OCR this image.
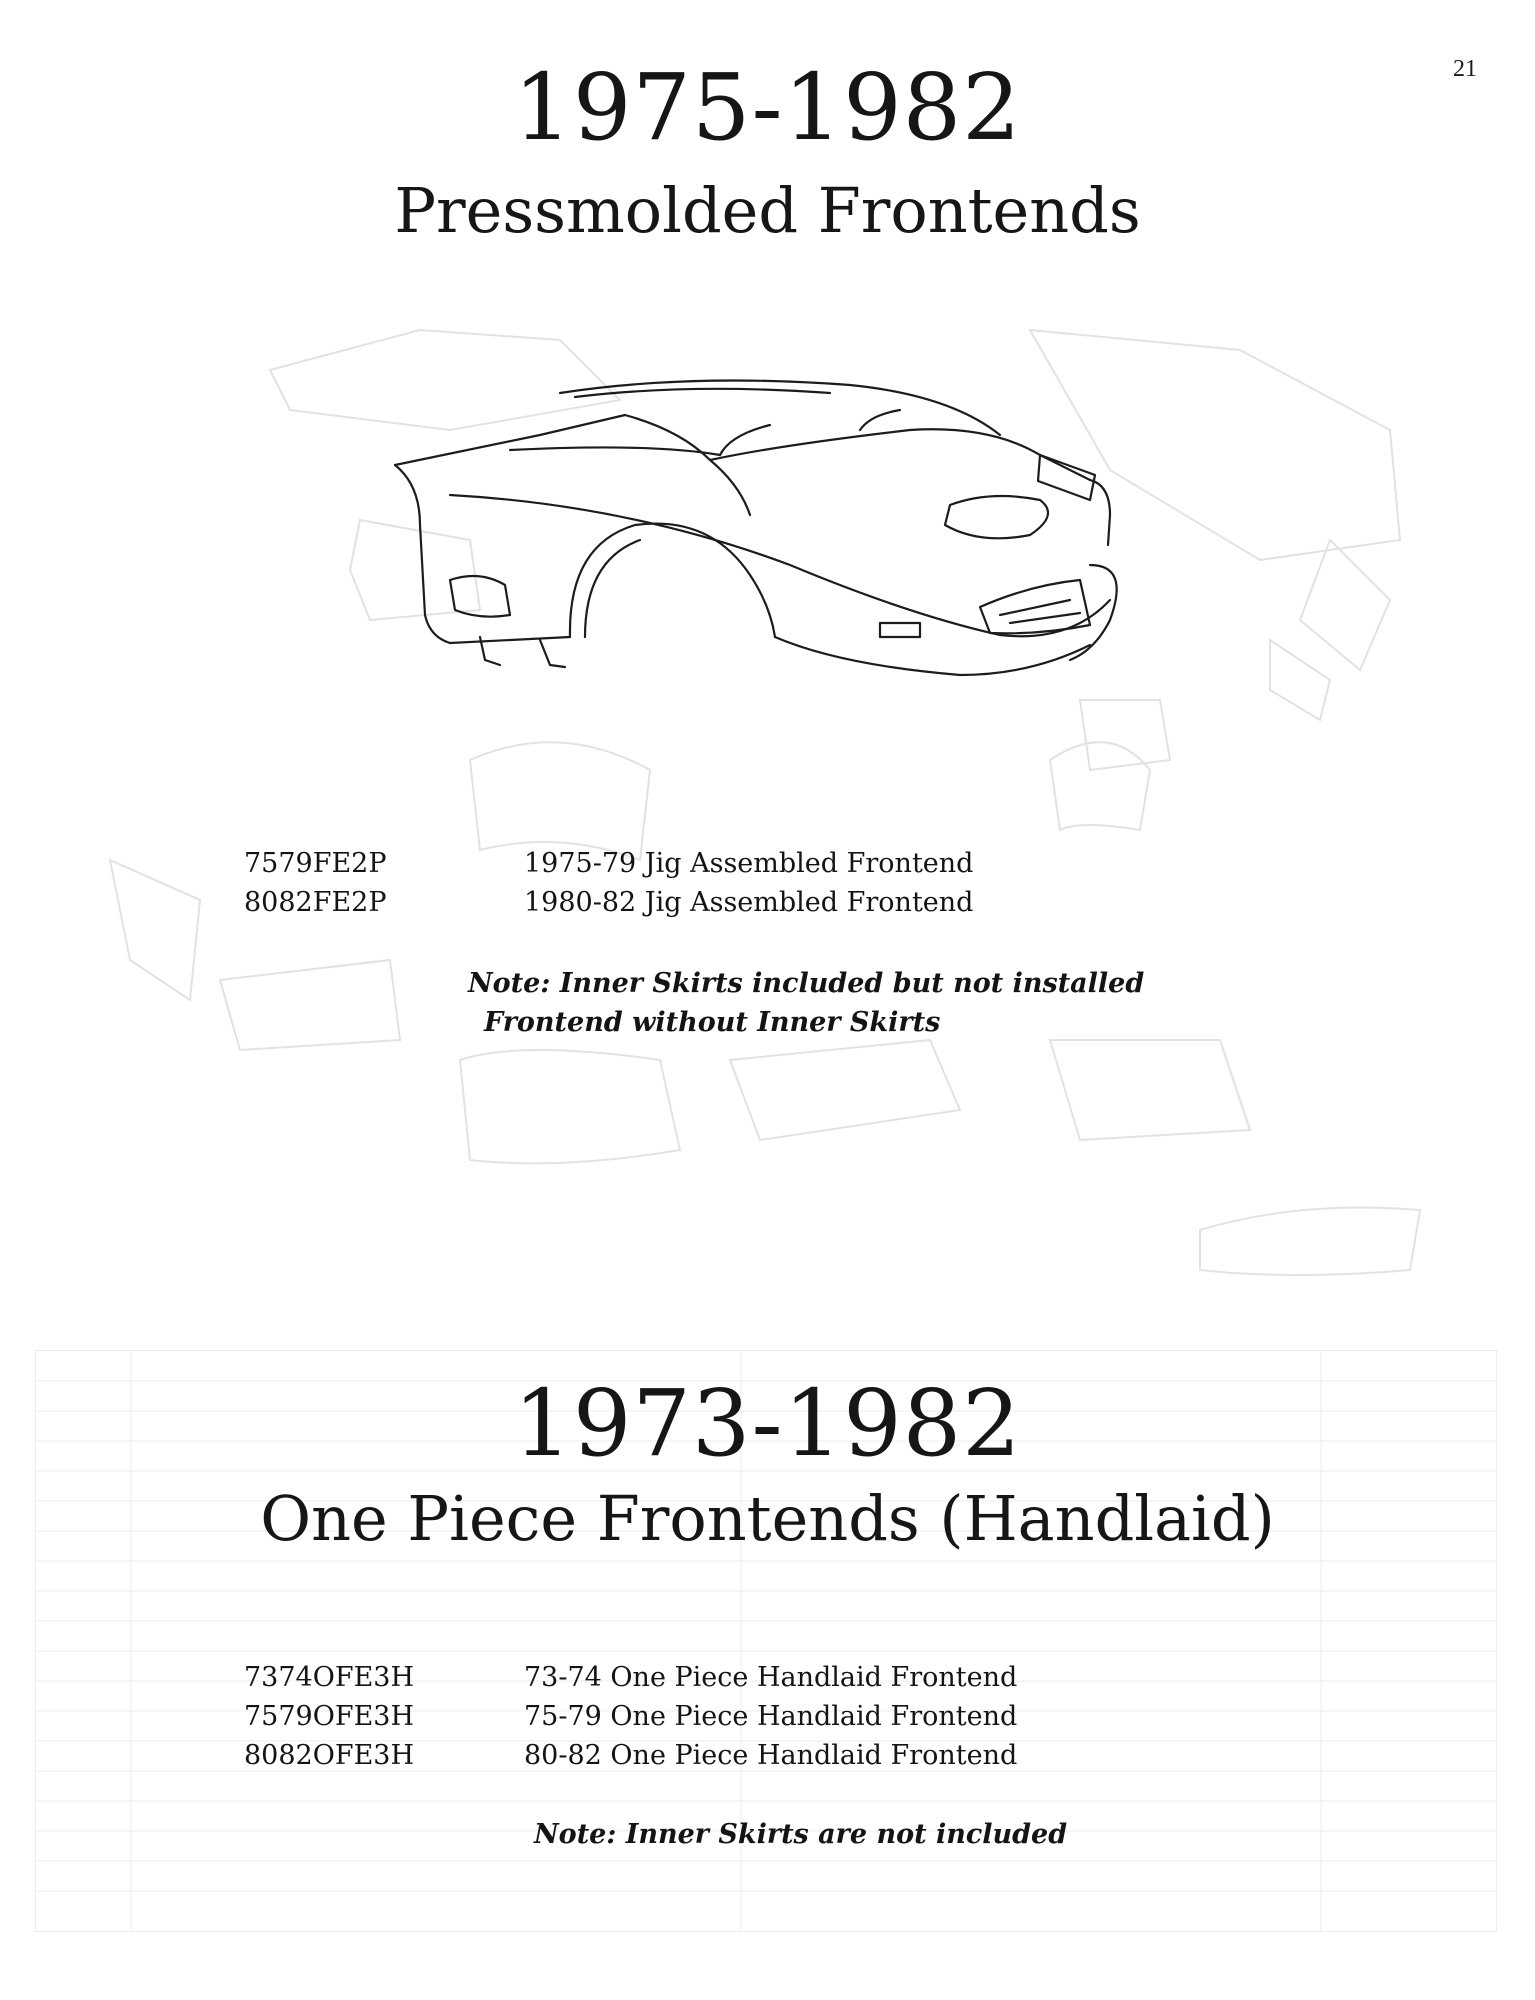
21
1975-1982
Pressmolded Frontends
7579FE2P	1975-79 Jig Assembled Frontend
8082FE2P	1980-82 Jig Assembled Frontend
Note: Inner Skirts included but not installed
Frontend without Inner Skirts
1973-1982
One Piece Frontends (Handlaid)
7374OFE3H	73-74 One Piece Handlaid Frontend
7579OFE3H	75-79 One Piece Handlaid Frontend
8082OFE3H	80-82 One Piece Handlaid Frontend
Note: Inner Skirts are not included
